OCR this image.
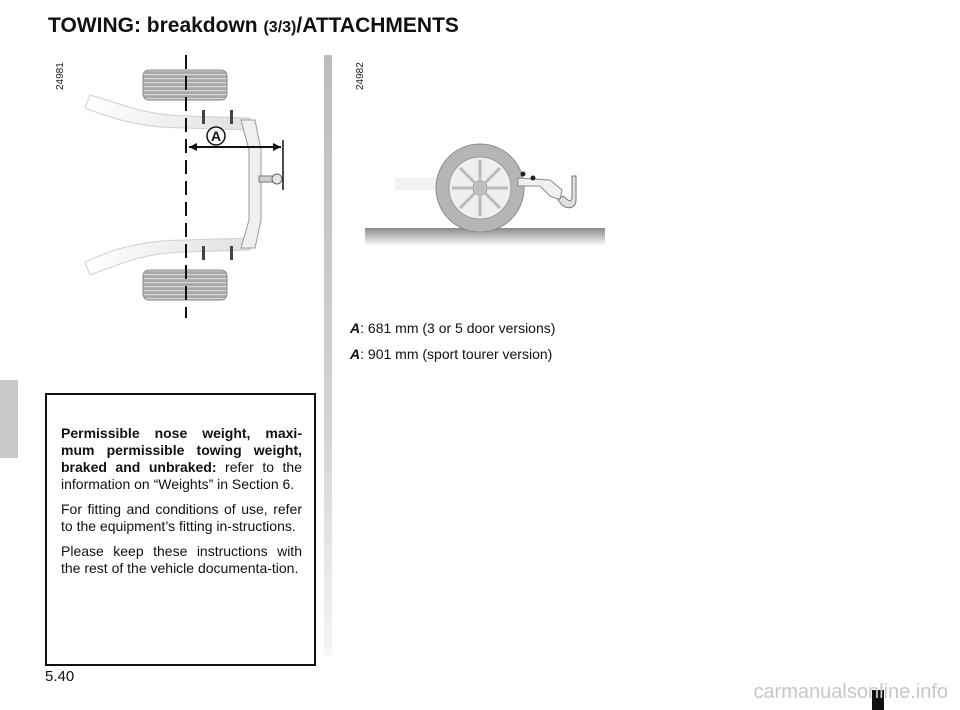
TOWING: breakdown (3/3)/ATTACHMENTS
24981
A
24982

A: 681 mm (3 or 5 door versions)

A: 901 mm (sport tourer version)

Permissible nose weight, maxi-mum permissible towing weight, braked and unbraked: refer to the information on “Weights” in Section 6.

For fitting and conditions of use, refer to the equipment’s fitting in-structions.

Please keep these instructions with the rest of the vehicle documenta-tion.

5.40
carmanualsonline.info
